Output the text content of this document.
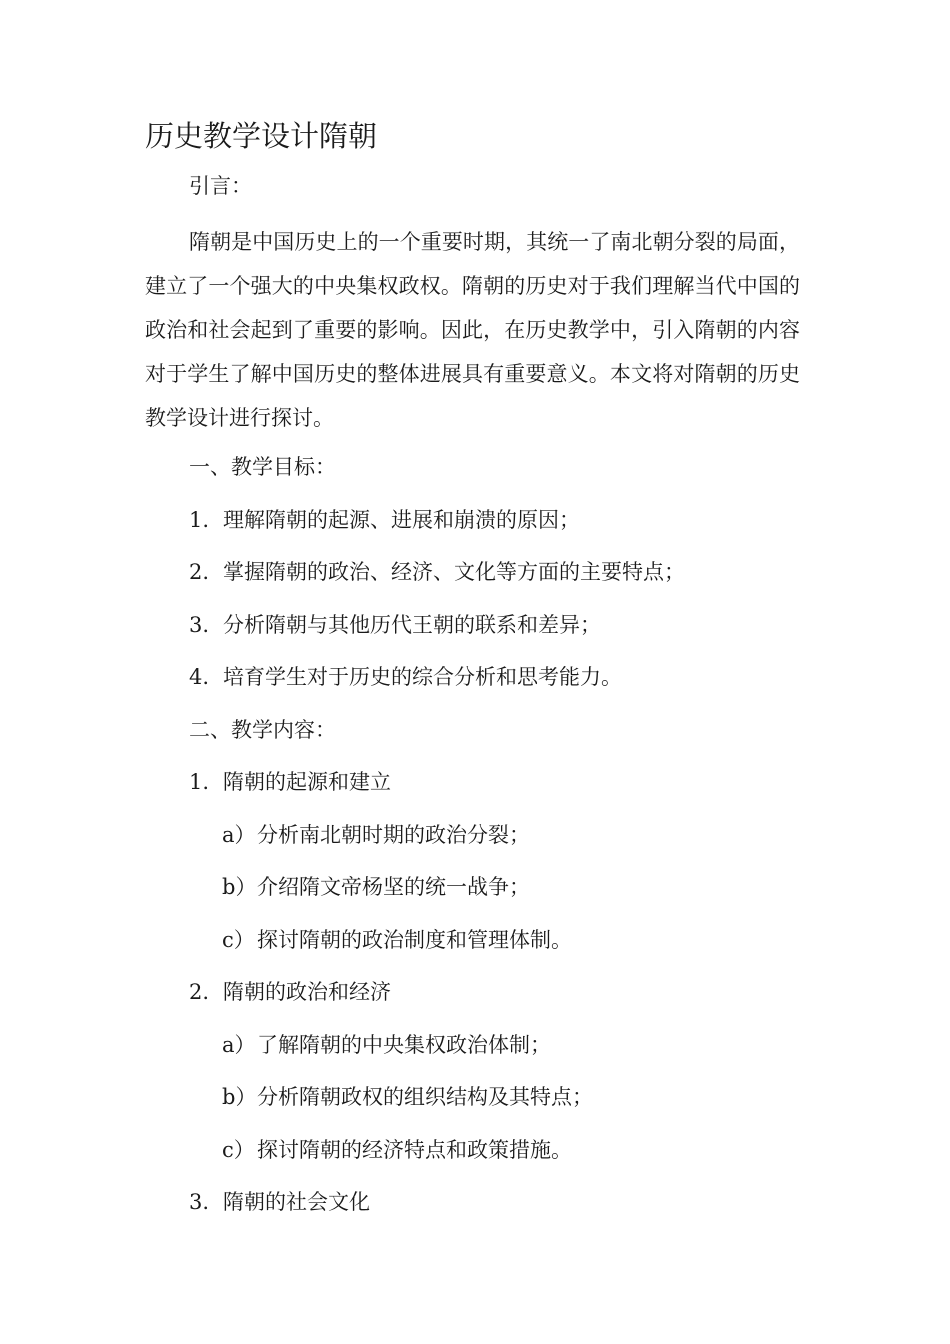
历史教学设计隋朝
引言：

隋朝是中国历史上的一个重要时期，其统一了南北朝分裂的局面，建立了一个强大的中央集权政权。隋朝的历史对于我们理解当代中国的政治和社会起到了重要的影响。因此，在历史教学中，引入隋朝的内容对于学生了解中国历史的整体进展具有重要意义。本文将对隋朝的历史教学设计进行探讨。

一、教学目标：
1. 理解隋朝的起源、进展和崩溃的原因；
2. 掌握隋朝的政治、经济、文化等方面的主要特点；
3. 分析隋朝与其他历代王朝的联系和差异；
4. 培育学生对于历史的综合分析和思考能力。
二、教学内容：
1. 隋朝的起源和建立
a）分析南北朝时期的政治分裂；
b）介绍隋文帝杨坚的统一战争；
c） 探讨隋朝的政治制度和管理体制。
2. 隋朝的政治和经济
a）了解隋朝的中央集权政治体制；
b）分析隋朝政权的组织结构及其特点；
c） 探讨隋朝的经济特点和政策措施。
3. 隋朝的社会文化
